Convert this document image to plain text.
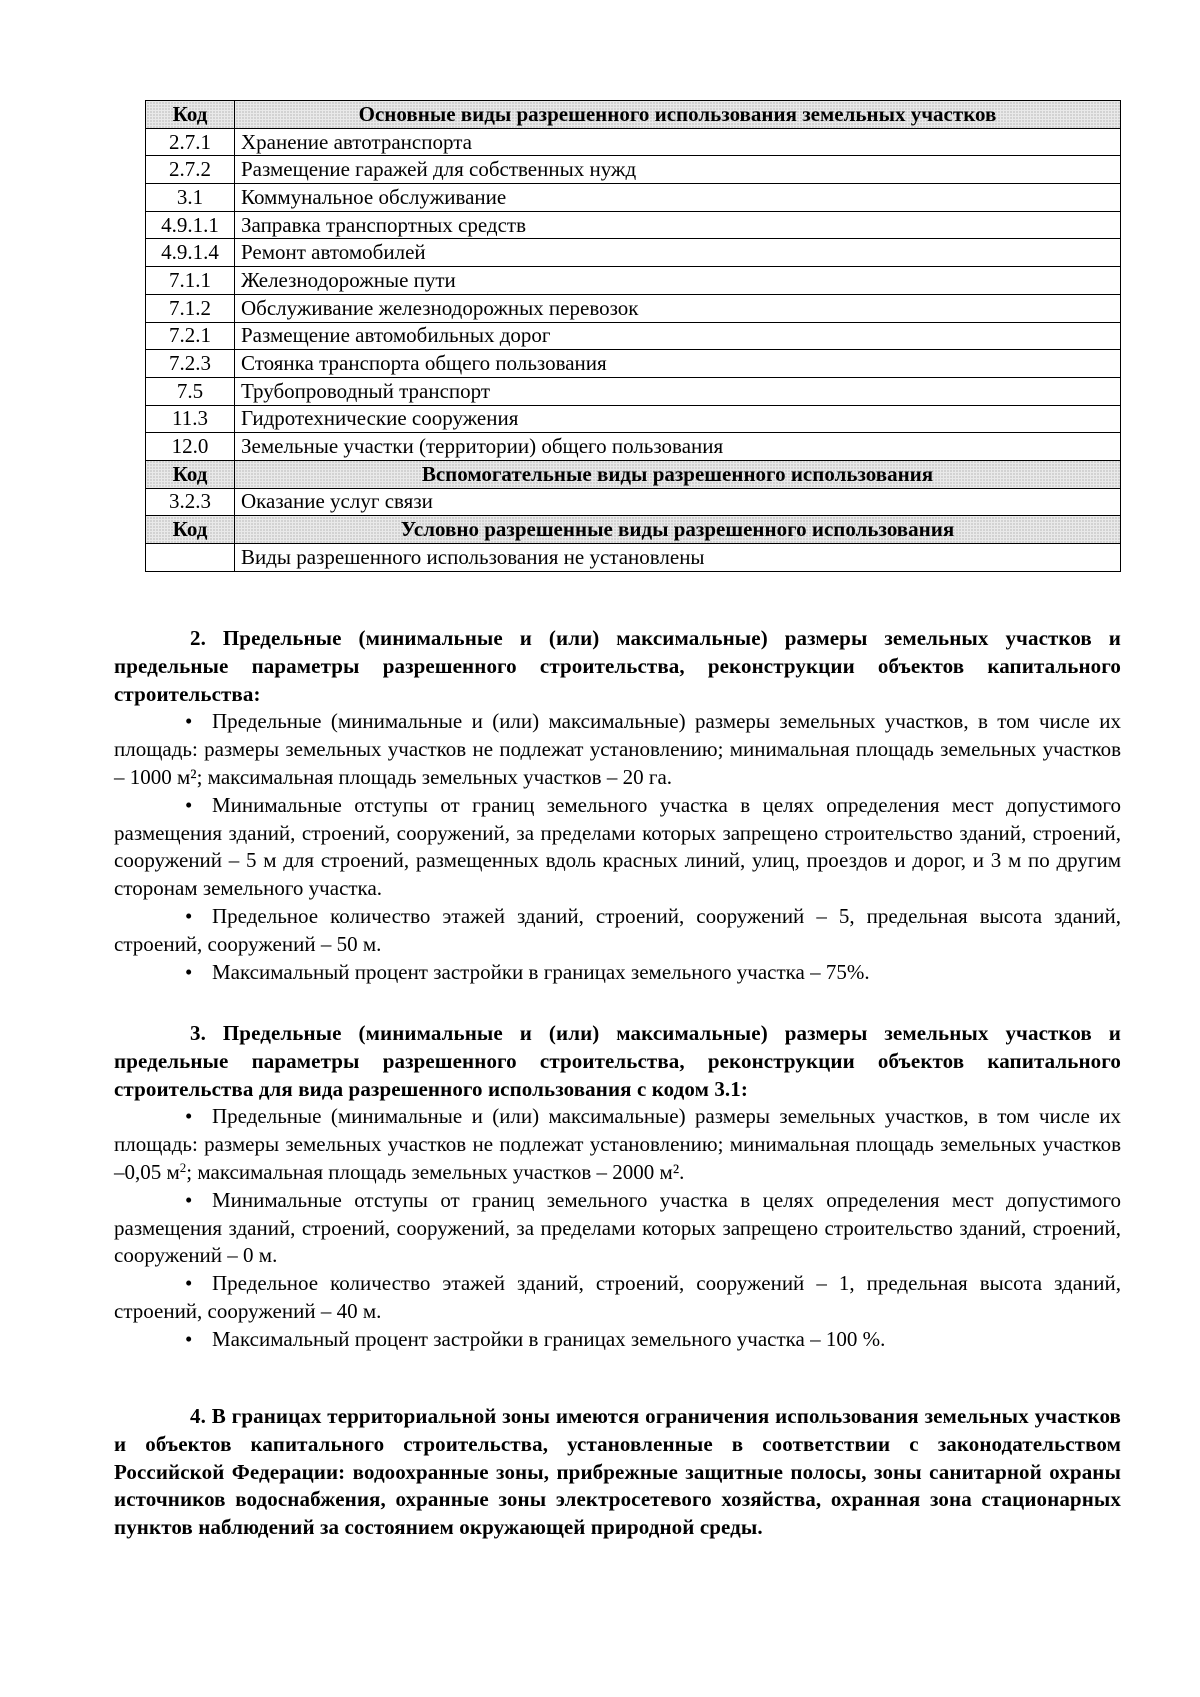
Код	Основные виды разрешенного использования земельных участков
2.7.1	Хранение автотранспорта
2.7.2	Размещение гаражей для собственных нужд
3.1	Коммунальное обслуживание
4.9.1.1	Заправка транспортных средств
4.9.1.4	Ремонт автомобилей
7.1.1	Железнодорожные пути
7.1.2	Обслуживание железнодорожных перевозок
7.2.1	Размещение автомобильных дорог
7.2.3	Стоянка транспорта общего пользования
7.5	Трубопроводный транспорт
11.3	Гидротехнические сооружения
12.0	Земельные участки (территории) общего пользования
Код	Вспомогательные виды разрешенного использования
3.2.3	Оказание услуг связи
Код	Условно разрешенные виды разрешенного использования
	Виды разрешенного использования не установлены

2. Предельные (минимальные и (или) максимальные) размеры земельных участков и предельные параметры разрешенного строительства, реконструкции объектов капитального строительства:

• Предельные (минимальные и (или) максимальные) размеры земельных участков, в том числе их площадь: размеры земельных участков не подлежат установлению; минимальная площадь земельных участков – 1000 м²; максимальная площадь земельных участков – 20 га.

• Минимальные отступы от границ земельного участка в целях определения мест допустимого размещения зданий, строений, сооружений, за пределами которых запрещено строительство зданий, строений, сооружений – 5 м для строений, размещенных вдоль красных линий, улиц, проездов и дорог, и 3 м по другим сторонам земельного участка.

• Предельное количество этажей зданий, строений, сооружений – 5, предельная высота зданий, строений, сооружений – 50 м.

• Максимальный процент застройки в границах земельного участка – 75%.

3. Предельные (минимальные и (или) максимальные) размеры земельных участков и предельные параметры разрешенного строительства, реконструкции объектов капитального строительства для вида разрешенного использования с кодом 3.1:

• Предельные (минимальные и (или) максимальные) размеры земельных участков, в том числе их площадь: размеры земельных участков не подлежат установлению; минимальная площадь земельных участков –0,05 $м^2$; максимальная площадь земельных участков – 2000 м².

• Минимальные отступы от границ земельного участка в целях определения мест допустимого размещения зданий, строений, сооружений, за пределами которых запрещено строительство зданий, строений, сооружений – 0 м.

• Предельное количество этажей зданий, строений, сооружений – 1, предельная высота зданий, строений, сооружений – 40 м.

• Максимальный процент застройки в границах земельного участка – 100 %.

4. В границах территориальной зоны имеются ограничения использования земельных участков и объектов капитального строительства, установленные в соответствии с законодательством Российской Федерации: водоохранные зоны, прибрежные защитные полосы, зоны санитарной охраны источников водоснабжения, охранные зоны электросетевого хозяйства, охранная зона стационарных пунктов наблюдений за состоянием окружающей природной среды.
